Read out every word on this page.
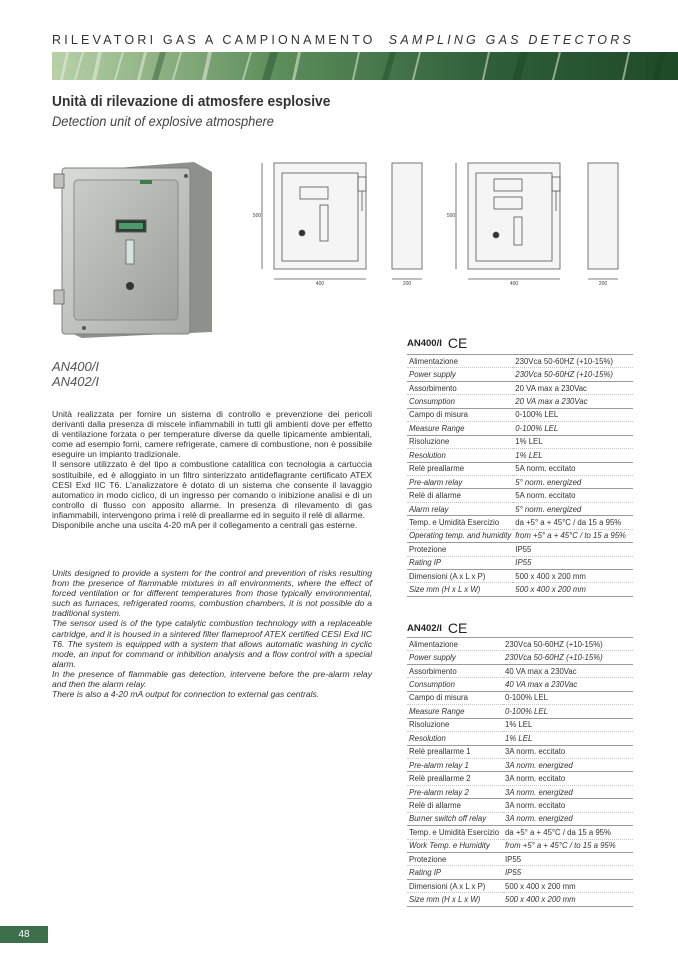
RILEVATORI GAS A CAMPIONAMENTO SAMPLING GAS DETECTORS
Unità di rilevazione di atmosfere esplosive
Detection unit of explosive atmosphere
500
400	200
500
400	200
AN400/I
AN402/I

Unità realizzata per fornire un sistema di controllo e prevenzione dei pericoli derivanti dalla presenza di miscele infiammabili in tutti gli ambienti dove per effetto di ventilazione forzata o per temperature diverse da quelle tipicamente ambientali, come ad esempio forni, camere refrigerate, camere di combustione, non è possibile eseguire un impianto tradizionale.

Il sensore utilizzato è del tipo a combustione catalitica con tecnologia a cartuccia sostituibile, ed è alloggiato in un filtro sinterizzato antideflagrante certificato ATEX CESI Exd IIC T6. L'analizzatore è dotato di un sistema che consente il lavaggio automatico in modo ciclico, di un ingresso per comando o inibizione analisi e di un controllo di flusso con apposito allarme. In presenza di rilevamento di gas infiammabili, intervengono prima i relè di preallarme ed in seguito il relè di allarme.

Disponibile anche una uscita 4-20 mA per il collegamento a centrali gas esterne.

Units designed to provide a system for the control and prevention of risks resulting from the presence of flammable mixtures in all environments, where the effect of forced ventilation or for different temperatures from those typically environmental, such as furnaces, refrigerated rooms, combustion chambers, it is not possible do a traditional system.

The sensor used is of the type catalytic combustion technology with a replaceable cartridge, and it is housed in a sintered filter flameproof ATEX certified CESI Exd IIC T6. The system is equipped with a system that allows automatic washing in cyclic mode, an input for command or inhibition analysis and a flow control with a special alarm.

In the presence of flammable gas detection, intervene before the pre-alarm relay and then the alarm relay.

There is also a 4-20 mA output for connection to external gas centrals.

AN400/I CE
Alimentazione	230Vca 50-60HZ (+10-15%)
Power supply	230Vca 50-60HZ (+10-15%)
Assorbimento	20 VA max a 230Vac
Consumption	20 VA max a 230Vac
Campo di misura	0-100% LEL
Measure Range	0-100% LEL
Risoluzione	1% LEL
Resolution	1% LEL
Relè preallarme	5A norm. eccitato
Pre-alarm relay	5° norm. energized
Relè di allarme	5A norm. eccitato
Alarm relay	5° norm. energized
Temp. e Umidità Esercizio	da +5° a + 45°C / da 15 a 95%
Operating temp. and humidity	from +5° a + 45°C / to 15 a 95%
Protezione	IP55
Rating IP	IP55
Dimensioni (A x L x P)	500 x 400 x 200 mm
Size mm (H x L x W)	500 x 400 x 200 mm
AN402/I CE
Alimentazione	230Vca 50-60HZ (+10-15%)
Power supply	230Vca 50-60HZ (+10-15%)
Assorbimento	40 VA max a 230Vac
Consumption	40 VA max a 230Vac
Campo di misura	0-100% LEL
Measure Range	0-100% LEL
Risoluzione	1% LEL
Resolution	1% LEL
Relè preallarme 1	3A norm. eccitato
Pre-alarm relay 1	3A norm. energized
Relè preallarme 2	3A norm. eccitato
Pre-alarm relay 2	3A norm. energized
Relè di allarme	3A norm. eccitato
Burner switch off relay	3A norm. energized
Temp. e Umidità Esercizio	da +5° a + 45°C / da 15 a 95%
Work Temp. e Humidity	from +5° a + 45°C / to 15 a 95%
Protezione	IP55
Rating IP	IP55
Dimensioni (A x L x P)	500 x 400 x 200 mm
Size mm (H x L x W)	500 x 400 x 200 mm
48
